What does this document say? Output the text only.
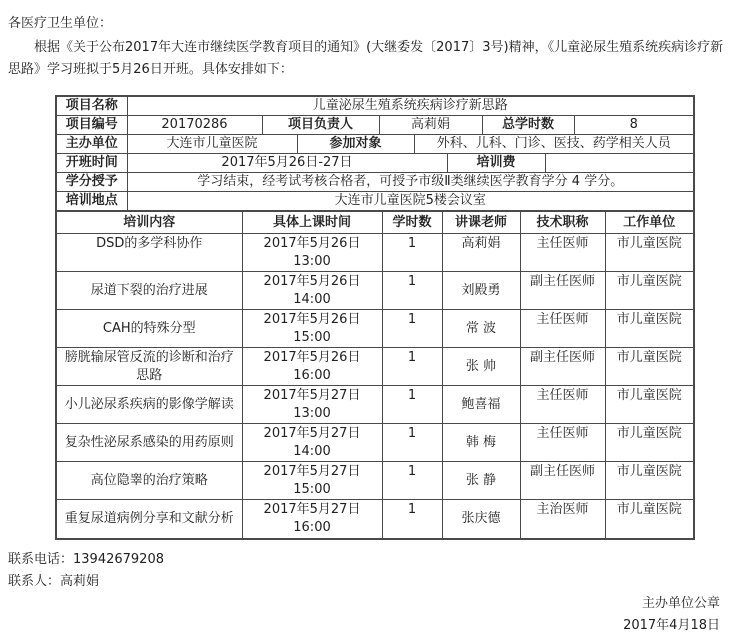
各医疗卫生单位：

根据《关于公布2017年大连市继续医学教育项目的通知》(大继委发〔2017〕3号)精神，《儿童泌尿生殖系统疾病诊疗新思路》学习班拟于5月26日开班。具体安排如下：

项目名称	儿童泌尿生殖系统疾病诊疗新思路
项目编号	20170286	项目负责人	高莉娟	总学时数	8
主办单位	大连市儿童医院	参加对象	外科、儿科、门诊、医技、药学相关人员
开班时间	2017年5月26日-27日	培训费	
学分授予	学习结束，经考试考核合格者，可授予市级Ⅱ类继续医学教育学分 4 学分。
培训地点	大连市儿童医院5楼会议室
培训内容	具体上课时间	学时数	讲课老师	技术职称	工作单位
DSD的多学科协作	2017年5月26日
13:00	1	高莉娟	主任医师	市儿童医院
尿道下裂的治疗进展	2017年5月26日
14:00	1	刘殿勇	副主任医师	市儿童医院
CAH的特殊分型	2017年5月26日
15:00	1	常 波	主任医师	市儿童医院
膀胱输尿管反流的诊断和治疗思路	2017年5月26日
16:00	1	张 帅	副主任医师	市儿童医院
小儿泌尿系疾病的影像学解读	2017年5月27日
13:00	1	鲍喜福	主任医师	市儿童医院
复杂性泌尿系感染的用药原则	2017年5月27日
14:00	1	韩 梅	主任医师	市儿童医院
高位隐睾的治疗策略	2017年5月27日
15:00	1	张 静	副主任医师	市儿童医院
重复尿道病例分享和文献分析	2017年5月27日
16:00	1	张庆德	主治医师	市儿童医院

联系电话：13942679208

联系人：高莉娟

主办单位公章

2017年4月18日
